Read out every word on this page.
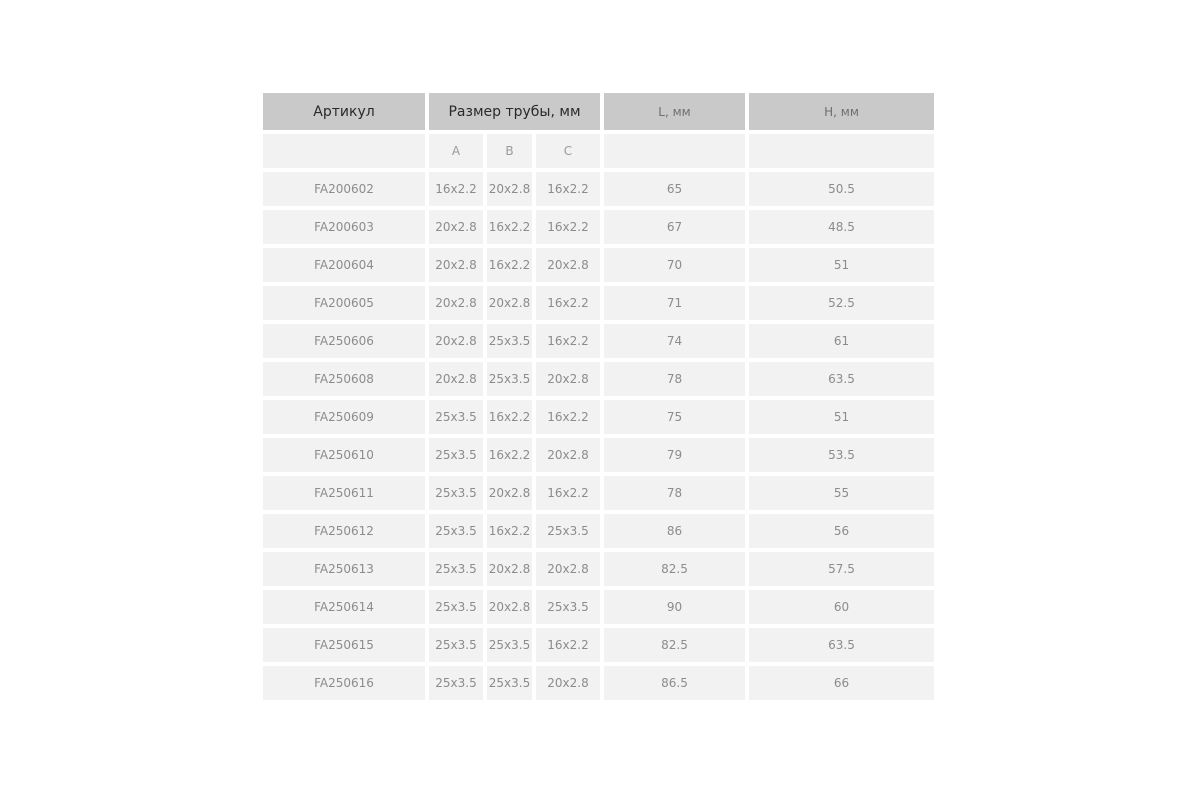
Артикул	Размер трубы, мм			L, мм	H, мм
	A	B	C		
FA200602	16x2.2	20x2.8	16x2.2	65	50.5
FA200603	20x2.8	16x2.2	16x2.2	67	48.5
FA200604	20x2.8	16x2.2	20x2.8	70	51
FA200605	20x2.8	20x2.8	16x2.2	71	52.5
FA250606	20x2.8	25x3.5	16x2.2	74	61
FA250608	20x2.8	25x3.5	20x2.8	78	63.5
FA250609	25x3.5	16x2.2	16x2.2	75	51
FA250610	25x3.5	16x2.2	20x2.8	79	53.5
FA250611	25x3.5	20x2.8	16x2.2	78	55
FA250612	25x3.5	16x2.2	25x3.5	86	56
FA250613	25x3.5	20x2.8	20x2.8	82.5	57.5
FA250614	25x3.5	20x2.8	25x3.5	90	60
FA250615	25x3.5	25x3.5	16x2.2	82.5	63.5
FA250616	25x3.5	25x3.5	20x2.8	86.5	66
